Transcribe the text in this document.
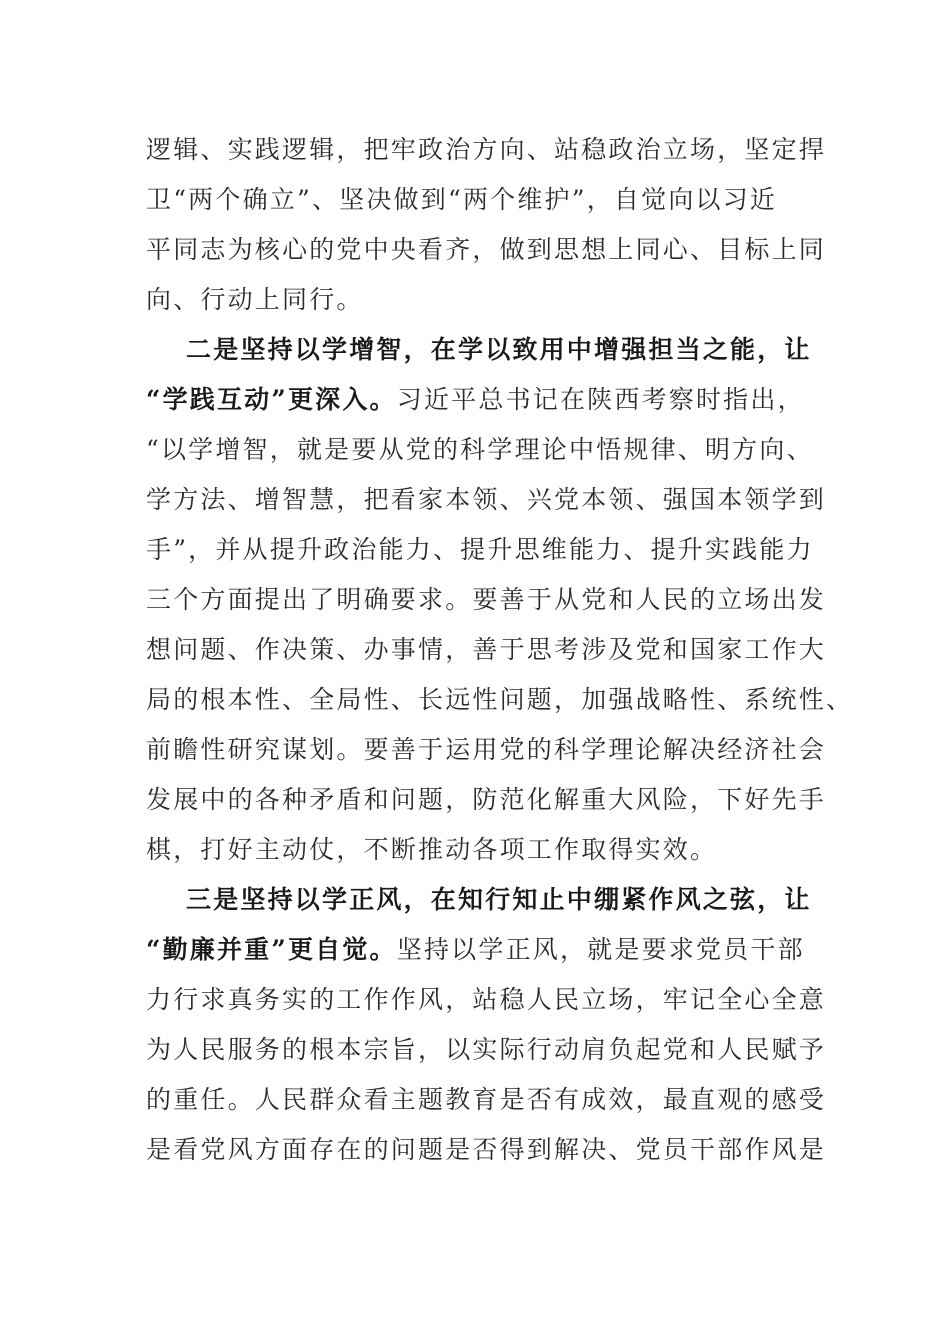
逻辑、实践逻辑，把牢政治方向、站稳政治立场，坚定捍
卫“两个确立”、坚决做到“两个维护”，自觉向以习近
平同志为核心的党中央看齐，做到思想上同心、目标上同
向、行动上同行。
二是坚持以学增智，在学以致用中增强担当之能，让
“学践互动”更深入。习近平总书记在陕西考察时指出，
“以学增智，就是要从党的科学理论中悟规律、明方向、
学方法、增智慧，把看家本领、兴党本领、强国本领学到
手”，并从提升政治能力、提升思维能力、提升实践能力
三个方面提出了明确要求。要善于从党和人民的立场出发
想问题、作决策、办事情，善于思考涉及党和国家工作大
局的根本性、全局性、长远性问题，加强战略性、系统性、
前瞻性研究谋划。要善于运用党的科学理论解决经济社会
发展中的各种矛盾和问题，防范化解重大风险，下好先手
棋，打好主动仗，不断推动各项工作取得实效。
三是坚持以学正风，在知行知止中绷紧作风之弦，让
“勤廉并重”更自觉。坚持以学正风，就是要求党员干部
力行求真务实的工作作风，站稳人民立场，牢记全心全意
为人民服务的根本宗旨，以实际行动肩负起党和人民赋予
的重任。人民群众看主题教育是否有成效，最直观的感受
是看党风方面存在的问题是否得到解决、党员干部作风是
